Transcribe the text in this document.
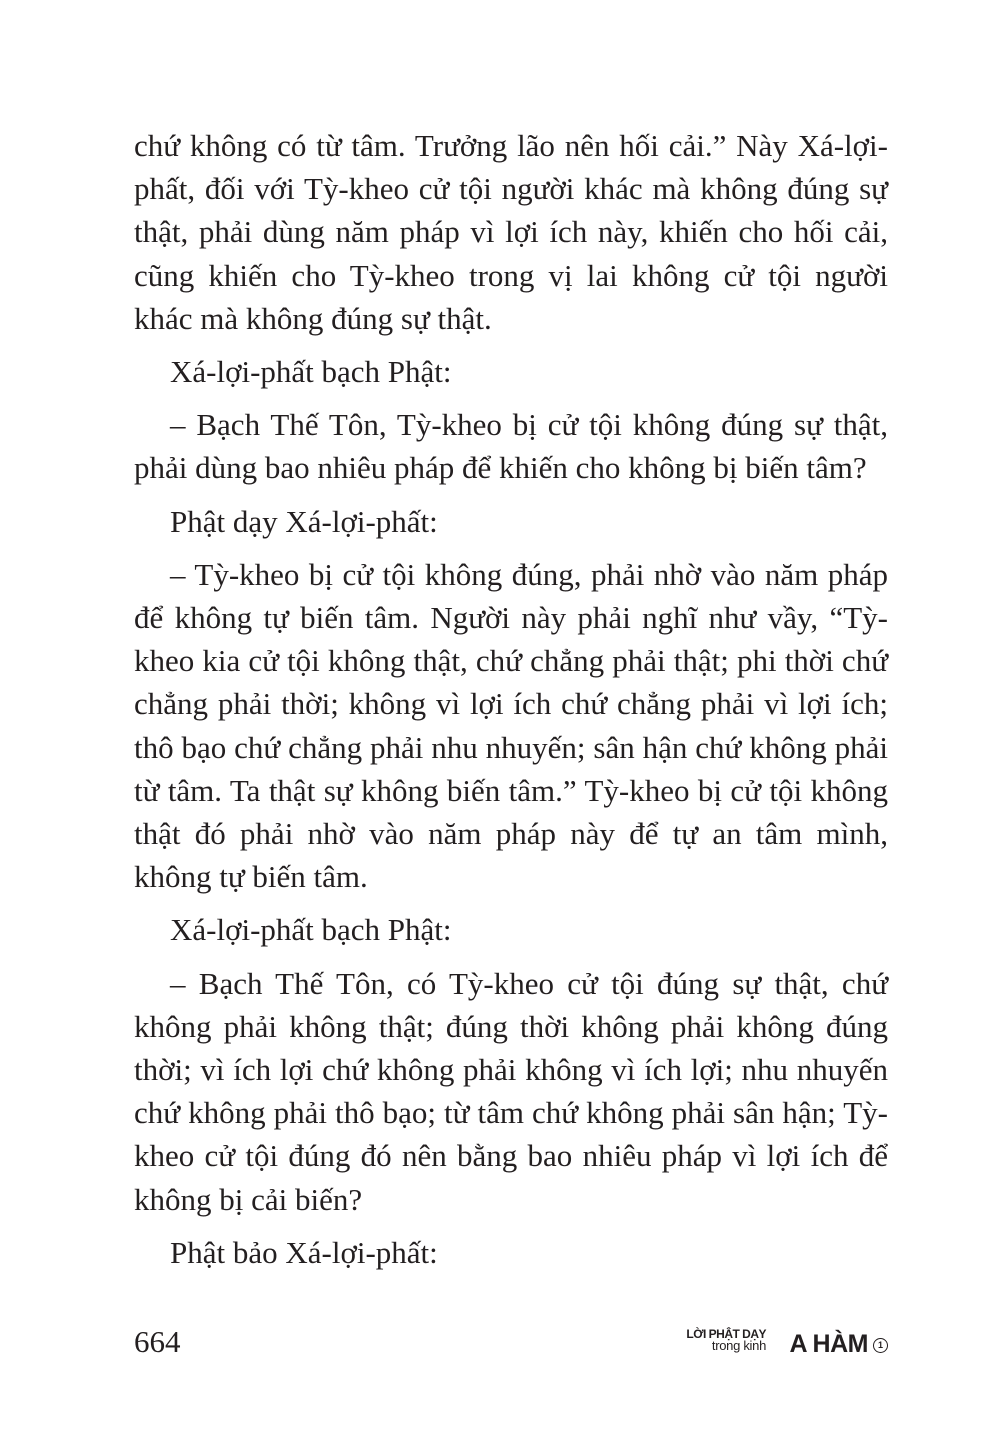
chứ không có từ tâm. Trưởng lão nên hối cải.” Này Xá-lợi-phất, đối với Tỳ-kheo cử tội người khác mà không đúng sự thật, phải dùng năm pháp vì lợi ích này, khiến cho hối cải, cũng khiến cho Tỳ-kheo trong vị lai không cử tội người khác mà không đúng sự thật.

Xá-lợi-phất bạch Phật:

– Bạch Thế Tôn, Tỳ-kheo bị cử tội không đúng sự thật, phải dùng bao nhiêu pháp để khiến cho không bị biến tâm?

Phật dạy Xá-lợi-phất:

– Tỳ-kheo bị cử tội không đúng, phải nhờ vào năm pháp để không tự biến tâm. Người này phải nghĩ như vầy, “Tỳ-kheo kia cử tội không thật, chứ chẳng phải thật; phi thời chứ chẳng phải thời; không vì lợi ích chứ chẳng phải vì lợi ích; thô bạo chứ chẳng phải nhu nhuyến; sân hận chứ không phải từ tâm. Ta thật sự không biến tâm.” Tỳ-kheo bị cử tội không thật đó phải nhờ vào năm pháp này để tự an tâm mình, không tự biến tâm.

Xá-lợi-phất bạch Phật:

– Bạch Thế Tôn, có Tỳ-kheo cử tội đúng sự thật, chứ không phải không thật; đúng thời không phải không đúng thời; vì ích lợi chứ không phải không vì ích lợi; nhu nhuyến chứ không phải thô bạo; từ tâm chứ không phải sân hận; Tỳ-kheo cử tội đúng đó nên bằng bao nhiêu pháp vì lợi ích để không bị cải biến?

Phật bảo Xá-lợi-phất:

664	LỜI PHẬT DẠY
trong kinh A HÀM	1
